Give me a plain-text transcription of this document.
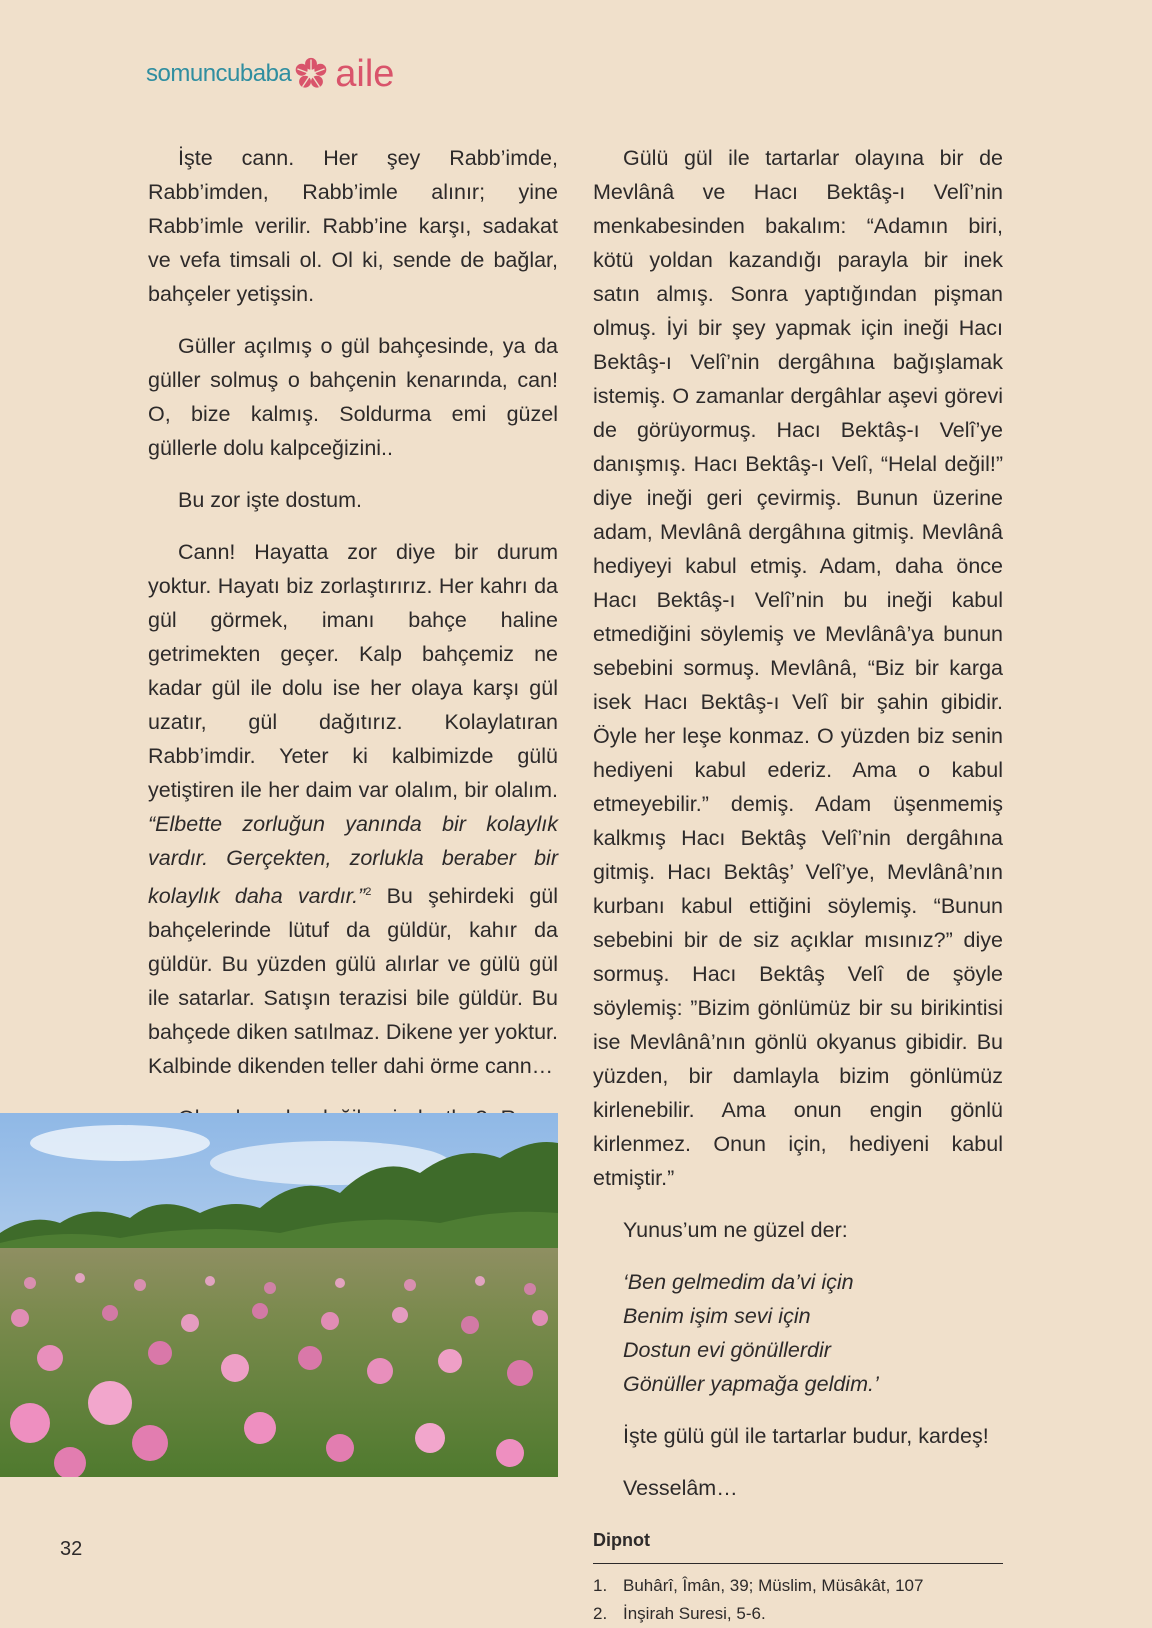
somuncu baba aile

İşte cann. Her şey Rabb’imde, Rabb’imden, Rabb’imle alınır; yine Rabb’imle verilir. Rabb’ine karşı, sadakat ve vefa timsali ol. Ol ki, sende de bağlar, bahçeler yetişsin.

Güller açılmış o gül bahçesinde, ya da güller solmuş o bahçenin kenarında, can! O, bize kalmış. Soldurma emi güzel güllerle dolu kalpceğizini..

Bu zor işte dostum.

Cann! Hayatta zor diye bir durum yoktur. Hayatı biz zorlaştırırız. Her kahrı da gül görmek, imanı bahçe haline getrimekten geçer. Kalp bahçemiz ne kadar gül ile dolu ise her olaya karşı gül uzatır, gül dağıtırız. Kolaylatıran Rabb’imdir. Yeter ki kalbimizde gülü yetiştiren ile her daim var olalım, bir olalım. “Elbette zorluğun yanında bir kolaylık vardır. Gerçekten, zorlukla beraber bir kolaylık daha vardır.”$^2$ Bu şehirdeki gül bahçelerinde lütuf da güldür, kahır da güldür. Bu yüzden gülü alırlar ve gülü gül ile satarlar. Satışın terazisi bile güldür. Bu bahçede diken satılmaz. Dikene yer yoktur. Kalbinde dikenden teller dahi örme cann…

Gülü gül ile tartarlar olayına bir de Mevlânâ ve Hacı Bektâş-ı Velî’nin menkabesinden bakalım: “Adamın biri, kötü yoldan kazandığı parayla bir inek satın almış. Sonra yaptığından pişman olmuş. İyi bir şey yapmak için ineği Hacı Bektâş-ı Velî’nin dergâhına bağışlamak istemiş. O zamanlar dergâhlar aşevi görevi de görüyormuş. Hacı Bektâş-ı Velî’ye danışmış. Hacı Bektâş-ı Velî, “Helal değil!” diye ineği geri çevirmiş. Bunun üzerine adam, Mevlânâ dergâhına gitmiş. Mevlânâ hediyeyi kabul etmiş. Adam, daha önce Hacı Bektâş-ı Velî’nin bu ineği kabul etmediğini söylemiş ve Mevlânâ’ya bunun sebebini sormuş. Mevlânâ, “Biz bir karga isek Hacı Bektâş-ı Velî bir şahin gibidir. Öyle her leşe konmaz. O yüzden biz senin hediyeni kabul ederiz. Ama o kabul etmeyebilir.” demiş. Adam üşenmemiş kalkmış Hacı Bektâş Velî’nin dergâhına gitmiş. Hacı Bektâş’ Velî’ye, Mevlânâ’nın kurbanı kabul ettiğini söylemiş. “Bunun sebebini bir de siz açıklar mısınız?” diye sormuş. Hacı Bektâş Velî de şöyle söylemiş: ”Bizim gönlümüz bir su birikintisi ise Mevlânâ’nın gönlü okyanus gibidir. Bu yüzden, bir damlayla bizim gönlümüz kirlenebilir. Ama onun engin gönlü kirlenmez. Onun için, hediyeni kabul etmiştir.”

Yunus’um ne güzel der:

‘Ben gelmedim da’vi için
Benim işim sevi için
Dostun evi gönüllerdir
Gönüller yapmağa geldim.’

İşte gülü gül ile tartarlar budur, kardeş!

Vesselâm…

Dipnot
1. Buhârî, Îmân, 39; Müslim, Müsâkât, 107
2. İnşirah Suresi, 5-6.
32
